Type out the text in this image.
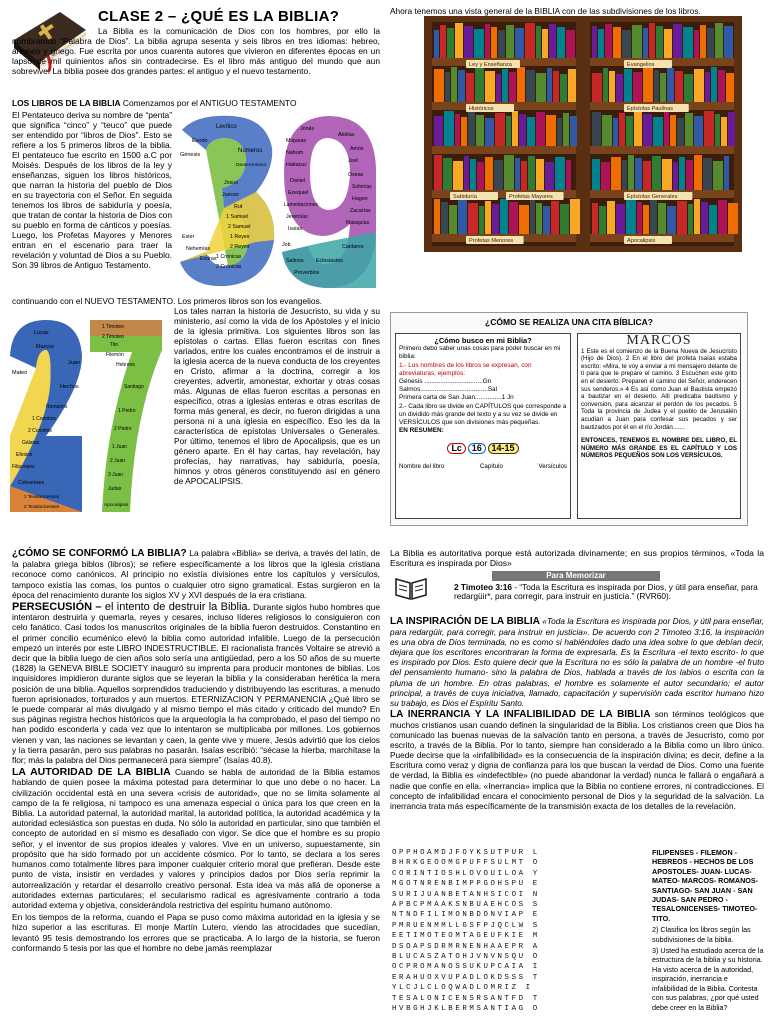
CLASE 2 – ¿QUÉ ES LA BIBLIA?

La Biblia es la comunicación de Dios con los hombres, por ello la nombramos “Palabra de Dios”. La biblia agrupa sesenta y seis libros en tres idiomas: hebreo, arameo y griego. Fue escrita por unos cuarenta autores que vivieron en diferentes épocas en un lapso de mil quinientos años sin contradecirse. Es el libro más antiguo del mundo que aun sobrevive. La biblia posee dos grandes partes: el antiguo y el nuevo testamento.

LOS LIBROS DE LA BIBLIA Comenzamos por el ANTIGUO TESTAMENTO

El Pentateuco deriva su nombre de “penta” que significa “cinco” y “teuco” que puede ser entendido por “libros de Dios”. Esto se refiere a los 5 primeros libros de la biblia. El pentateuco fue escrito en 1500 a.C por Moisés. Después de los libros de la ley y enseñanzas, siguen los libros históricos, que narran la historia del pueblo de Dios en su trayectoria con el Señor. En seguida tenemos los libros de sabiduría y poesía, que tratan de contar la historia de Dios con su pueblo en forma de cánticos y poesías. Luego, los Profetas Mayores y Menores entran en el escenario para traer la revelación y voluntad de Dios a su Pueblo. Son 39 libros de Antiguo Testamento.

continuando con el NUEVO TESTAMENTO. Los primeros libros son los evangelios.

Los tales narran la historia de Jesucristo, su vida y su ministerio, así como la vida de los Apóstoles y el inicio de la iglesia primitiva. Los siguientes libros son las epístolas o cartas. Ellas fueron escritas con fines variados, entre los cuales encontramos el de instruir a la iglesia acerca de la nueva conducta de los creyentes en Cristo, afirmar a la doctrina, corregir a los creyentes, advertir, amonestar, exhortar y otras cosas más. Algunas de ellas fueron escritas a personas en específico, otras a iglesias enteras e otras escritas de forma más general, es decir, no fueron dirigidas a una persona ni a una iglesia en específico. Eso les da la característica de epístolas Universales o Generales. Por último, tenemos el libro de Apocalipsis, que es un género aparte. En él hay cartas, hay revelación, hay profecías, hay narrativas, hay sabiduría, poesía, himnos y otros géneros constituyendo así en género de APOCALIPSIS.

Levítico
Éxodo
Génesis
Números
Deuteronomio
Josué
Jueces
Rut
1 Samuel
2 Samuel
1 Reyes
2 Reyes
1 Crónicas
2 Crónicas
Esdras
Nehemías
Ester
Job
Salmos
Proverbios
Eclesiastés
Cantares
Isaías
Jeremías
Lamentaciones
Ezequiel
Daniel
Oseas
Joel
Amós
Abdías
Jonás
Miqueas
Nahum
Habacuc
Sofonías
Hageo
Zacarías
Malaquías
Lucas
Marcos
Mateo
Juan
Hechos
Romanos
1 Corintios
2 Corintios
Gálatas
Efesios
Filipenses
Colosenses
1 Tesalonicenses
2 Tesalonicenses
1 Timoteo
2 Timoteo
Tito
Filemón
Hebreos
Santiago
1 Pedro
2 Pedro
1 Juan
2 Juan
3 Juan
Judas
Apocalipsis
Ahora tenemos una vista general de la BIBLIA con de las subdivisiones de los libros.
Ley y Enseñanza	Evangelios
Históricos	Epístolas Paulinas
Sabiduría	Profetas Mayores	Epístolas Generales
Profetas Menores	Apocalipsis
¿CÓMO SE REALIZA UNA CITA BÍBLICA?
¿Cómo busco en mi Biblia?
Primero debo saber unas cosas para poder buscar en mi biblia:
1.- Los nombres de los libros se expresan, con abreviaturas, ejemplos:
Génesis .................................Gn
Salmos......................................Sal
Primera carta de San Juan...............1 Jn
2.- Cada libro se divide en CAPÍTULOS que corresponde a un dividido más grande del texto y a su vez se divide en VERSÍCULOS que son divisiones más pequeñas.
EN RESUMEN:
Lc 16 14-15
Nombre del libro	Capítulo	Versículos
MARCOS
1 Este es el comienzo de la Buena Nueva de Jesucristo (Hijo de Dios). 2 En el libro del profeta Isaías estaba escrito: «Mira, te voy a enviar a mi mensajero delante de ti para que te prepare el camino. 3 Escuchen este grito en el desierto: Preparen el camino del Señor, enderecen sus senderos.» 4 Es así como Juan el Bautista empezó a bautizar en el desierto. Allí predicaba bautismo y conversión, para alcanzar el perdón de los pecados. 5 Toda la provincia de Judea y el pueblo de Jerusalén acudían a Juan para confesar sus pecados y ser bautizados por él en el río Jordán.......
ENTONCES, TENEMOS EL NOMBRE DEL LIBRO, EL NÚMERO MÁS GRANDE ES EL CAPÍTULO Y LOS NÚMEROS PEQUEÑOS SON LOS VERSÍCULOS.

¿CÓMO SE CONFORMÓ LA BIBLIA? La palabra «Biblia» se deriva, a través del latín, de la palabra griega biblos (libros); se refiere específicamente a los libros que la iglesia cristiana reconoce como canónicos. Al principio no existía divisiones entre los capítulos y versículos, tampoco existía las comas, los puntos o cualquier otro signo gramatical. Estas surgieron en la época del renacimiento durante los siglos XV y XVI después de la era cristiana.

PERSECUSIÓN – el intento de destruir la Biblia. Durante siglos hubo hombres que intentaron destruirla y quemarla, reyes y cesares, incluso líderes religiosos lo consiguieron con celo fanático. Casi todos los manuscritos originales de la biblia fueron destruidos. Constantino en el primer concilio ecuménico elevó la biblia como autoridad infalible. Luego de la persecución empezó un interés por este LIBRO INDESTRUCTIBLE. El racionalista francés Voltaire se atrevió a decir que la biblia luego de cien años solo sería una antigüedad, pero a los 50 años de su muerte (1828) la GENEVA BIBLE SOCIETY inauguró su imprenta para producir montones de biblias. Los inquisidores impidieron durante siglos que se leyeran la biblia y la consideraban herética la mera posición de una biblia. Aquellos sorprendidos traduciendo y distribuyendo las escrituras, a menudo fueron aprisionados, torturados y aun muertos. ETERNIZACION Y PERMANENCIA ¿Qué libro se le puede comparar al más divulgado y al mismo tiempo el más citado y criticado del mundo? En sus páginas registra hechos históricos que la arqueología la ha comprobado, el paso del tiempo no han podido esconderla y cada vez que lo intentaron se multiplicaba por millones. Los gobiernos vienen y van, las naciones se levantan y caen, la gente vive y muere, Jesús advirtió que los cielos y la tierra pasarán, pero sus palabras no pasarán. Isaías escribió: “sécase la hierba, marchítase la flor; más la palabra del Dios permanecerá para siempre” (Isaías 40.8).

LA AUTORIDAD DE LA BIBLIA Cuando se habla de autoridad de la Biblia estamos hablando de quien posee la máxima potestad para determinar lo que uno debe o no hacer. La civilización occidental está en una severa «crisis de autoridad», que no se limita solamente al campo de la fe religiosa, ni tampoco es una amenaza especial o única para los que creen en la Biblia. La autoridad paternal, la autoridad marital, la autoridad política, la autoridad académica y la autoridad eclesiástica son puestas en duda. No sólo la autoridad en particular, sino que también el concepto de autoridad en sí mismo es desafiado con vigor. Se dice que el hombre es su propio señor, y el inventor de sus propios ideales y valores. Vive en un universo, supuestamente, sin propósito que ha sido formado por un accidente cósmico. Por lo tanto, se declara a los seres humanos como totalmente libres para imponer cualquier criterio moral que prefieran. Desde este punto de vista, insistir en verdades y valores y principios dados por Dios sería reprimir la autorrealización y retardar el desarrollo creativo personal. Esta idea va más allá de oponerse a autoridades externas particulares; el secularismo radical es agresivamente contrario a toda autoridad externa y objetiva, considerándola restrictiva del espíritu humano autónomo.

En los tiempos de la reforma, cuando el Papa se puso como máxima autoridad en la iglesia y se hizo superior a las escrituras. El monje Martín Lutero, viendo las atrocidades que sucedían, levantó 95 tesis demostrando los errores que se practicaba. A lo largo de la historia, se fueron conformando 5 tesis por las que el hombre no debe jamás reemplazar

La Biblia es autoritativa porque está autorizada divinamente; en sus propios términos, «Toda la Escritura es inspirada por Dios»

Para Memorizar
2 Timoteo 3:16 - “Toda la Escritura es inspirada por Dios, y útil para enseñar, para redargüir*, para corregir, para instruir en justicia.” (RVR60).

LA INSPIRACIÓN DE LA BIBLIA «Toda la Escritura es inspirada por Dios, y útil para enseñar, para redargüir, para corregir, para instruir en justicia». De acuerdo con 2 Timoteo 3:16, la inspiración es una obra de Dios terminada, no es como si habiéndoles dado una idea sobre lo que debían decir, dejara que los escritores encontraran la forma de expresarla. Es la Escritura -el texto escrito- lo que es inspirado por Dios. Esto quiere decir que la Escritura no es sólo la palabra de un hombre -el fruto del pensamiento humano- sino la palabra de Dios, hablada a través de los labios o escrita con la pluma de un hombre. En otras palabras, el hombre es solamente el autor secundario; el autor principal, a través de cuya iniciativa, llamado, capacitación y supervisión cada escritor humano hizo su trabajo, es Dios el Espíritu Santo.

LA INERRANCIA Y LA INFALIBILIDAD DE LA BIBLIA son términos teológicos que muchos cristianos usan cuando definen la singularidad de la Biblia. Los cristianos creen que Dios ha comunicado las buenas nuevas de la salvación tanto en persona, a través de Jesucristo, como por escrito, a través de la Biblia. Por lo tanto, siempre han considerado a la Biblia como un libro único. Puede decirse que la «infalibilidad» es la consecuencia de la inspiración divina; es decir, define a la Escritura como veraz y digna de confianza para los que buscan la verdad de Dios. Como una fuente de verdad, la Biblia es «indefectible» (no puede abandonar la verdad) nunca le fallará o engañará a nadie que confíe en ella. «Inerrancia» implica que la Biblia no contiene errores, ni contradicciones. El concepto de infalibilidad encara el conocimiento personal de Dios y la seguridad de la salvación. La inerrancia trata más específicamente de la transmisión exacta de los detalles de la revelación.

OPPHOAMDJFOYKSUTPUR L
BHRKGEOOMGPUFFSULMT O
CORINTIOSHLOVOUILOA Y
MGOTNRENBIMPPGOHSPU E
SURIJUANBETANHSICOI N
APBCPMAAKSNBUAEHCOS S
NTNDFILIMONBDONVIAP E
PMRUENMMLLGSFPJQCLW S
EETIMOTEOMTAGEUFKIE M
DSOAPSDRMRNENHAAEPR A
BLUCASZATOHJVNVNSQU O
OCPROMANOSSUKUPCAIA I
ERAHUOXVUPADLOKDSSS T
YLCJLCLOQWADLOMRIZ I
TESALONICENSRSANTFD T
HVBGHJKLBERMSANTIAG O
FILIPENSES - FILEMON - HEBREOS - HECHOS DE LOS APOSTOLES- JUAN- LUCAS- MATEO- MARCOS- ROMANOS- SANTIAGO- SAN JUAN - SAN JUDAS- SAN PEDRO - TESALONICENSES- TIMOTEO- TITO.
2) Clasifica los libros según las subdivisiones de la biblia.
3) Usted ha estudiado acerca de la estructura de la biblia y su historia. Ha visto acerca de la autoridad, inspiración, inerrancia e infalibilidad de la Biblia. Contesta con sus palabras, ¿por qué usted debe creer en la Biblia?
